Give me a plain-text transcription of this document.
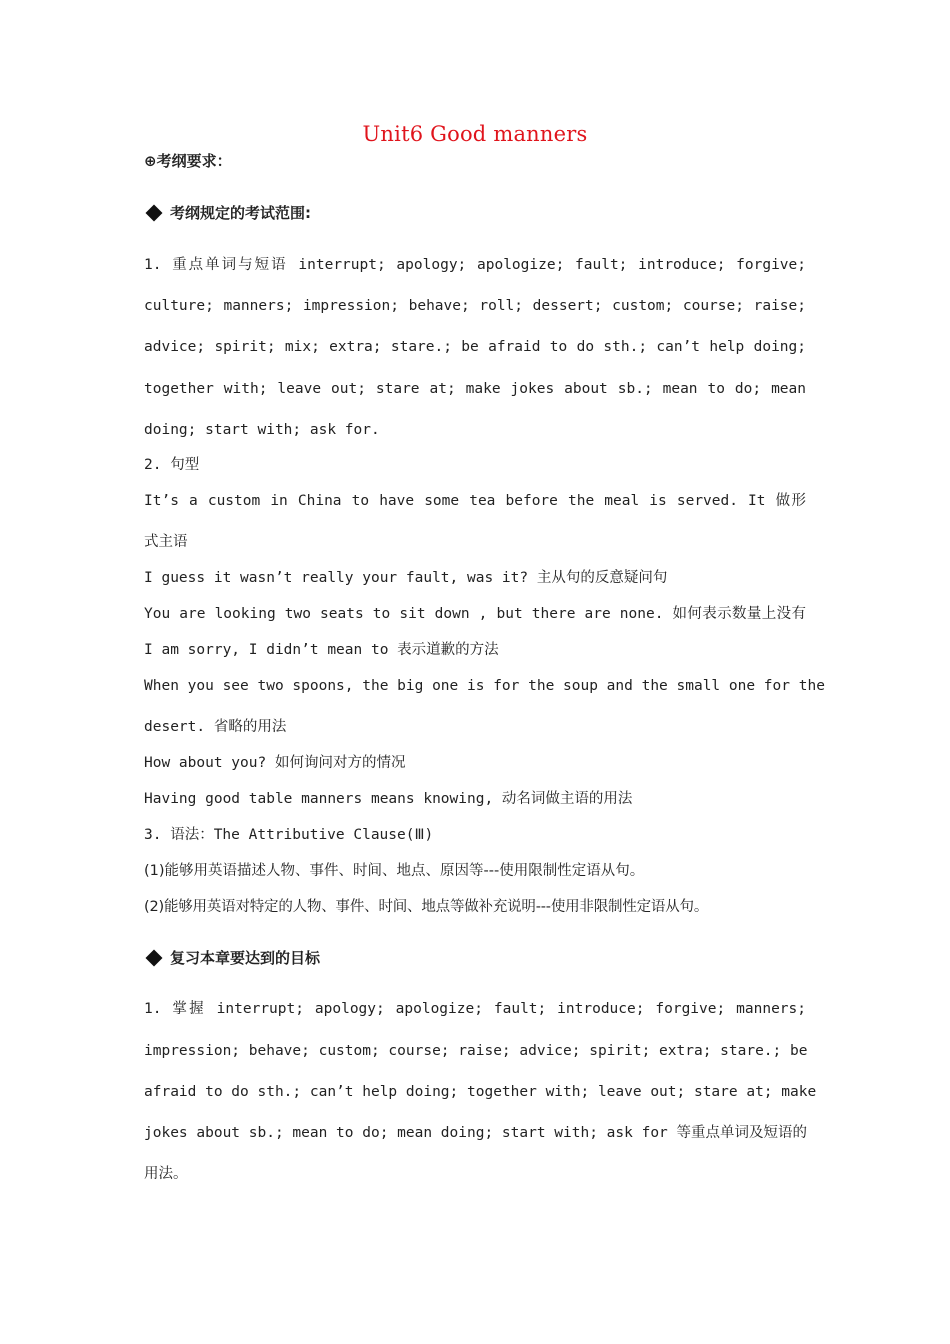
Unit6 Good manners
⊕考纲要求：
考纲规定的考试范围:
1. 重点单词与短语 interrupt; apology; apologize; fault; introduce; forgive;
culture; manners; impression; behave; roll; dessert; custom; course; raise;
advice; spirit; mix; extra; stare.; be afraid to do sth.; can’t help doing;
together with; leave out; stare at; make jokes about sb.; mean to do; mean
doing; start with; ask for.
2. 句型
It’s a custom in China to have some tea before the meal is served. It 做形
式主语
I guess it wasn’t really your fault, was it? 主从句的反意疑问句
You are looking two seats to sit down , but there are none. 如何表示数量上没有
I am sorry, I didn’t mean to 表示道歉的方法
When you see two spoons, the big one is for the soup and the small one for the
desert. 省略的用法
How about you? 如何询问对方的情况
Having good table manners means knowing, 动名词做主语的用法
3. 语法：The Attributive Clause(Ⅲ)
(1)能够用英语描述人物、事件、时间、地点、原因等---使用限制性定语从句。
(2)能够用英语对特定的人物、事件、时间、地点等做补充说明---使用非限制性定语从句。
复习本章要达到的目标
1. 掌握 interrupt; apology; apologize; fault; introduce; forgive; manners;
impression; behave; custom; course; raise; advice; spirit; extra; stare.; be
afraid to do sth.; can’t help doing; together with; leave out; stare at; make
jokes about sb.; mean to do; mean doing; start with; ask for 等重点单词及短语的
用法。
